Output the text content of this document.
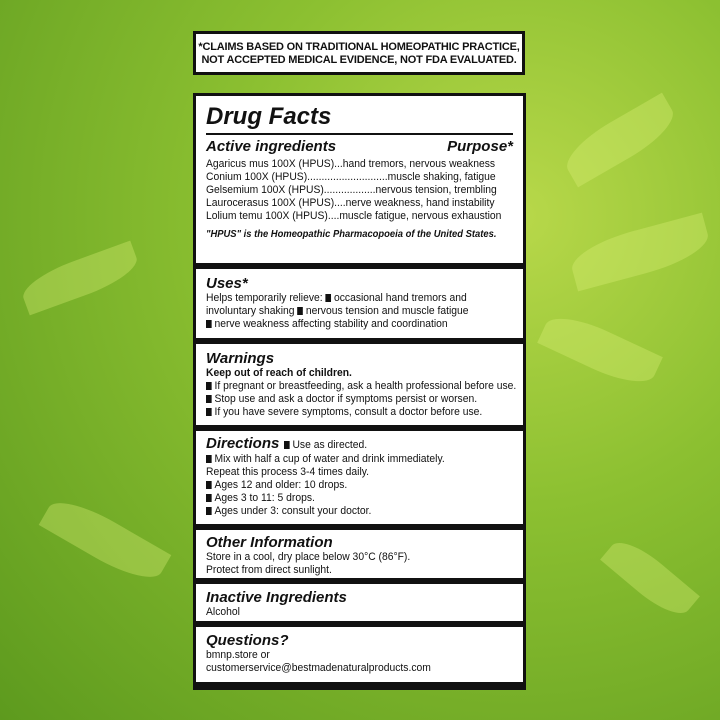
*CLAIMS BASED ON TRADITIONAL HOMEOPATHIC PRACTICE,
NOT ACCEPTED MEDICAL EVIDENCE, NOT FDA EVALUATED.
Drug Facts
Active ingredients	Purpose*
Agaricus mus 100X (HPUS)...hand tremors, nervous weakness
Conium 100X (HPUS)............................muscle shaking, fatigue
Gelsemium 100X (HPUS)..................nervous tension, trembling
Laurocerasus 100X (HPUS)....nerve weakness, hand instability
Lolium temu 100X (HPUS)....muscle fatigue, nervous exhaustion
"HPUS" is the Homeopathic Pharmacopoeia of the United States.
Uses*
Helps temporarily relieve: occasional hand tremors and
involuntary shaking nervous tension and muscle fatigue
nerve weakness affecting stability and coordination
Warnings
Keep out of reach of children.
If pregnant or breastfeeding, ask a health professional before use.
Stop use and ask a doctor if symptoms persist or worsen.
If you have severe symptoms, consult a doctor before use.
Directions Use as directed.
Mix with half a cup of water and drink immediately.
Repeat this process 3-4 times daily.
Ages 12 and older: 10 drops.
Ages 3 to 11: 5 drops.
Ages under 3: consult your doctor.
Other Information
Store in a cool, dry place below 30°C (86°F).
Protect from direct sunlight.
Inactive Ingredients
Alcohol
Questions?
bmnp.store or
customerservice@bestmadenaturalproducts.com
